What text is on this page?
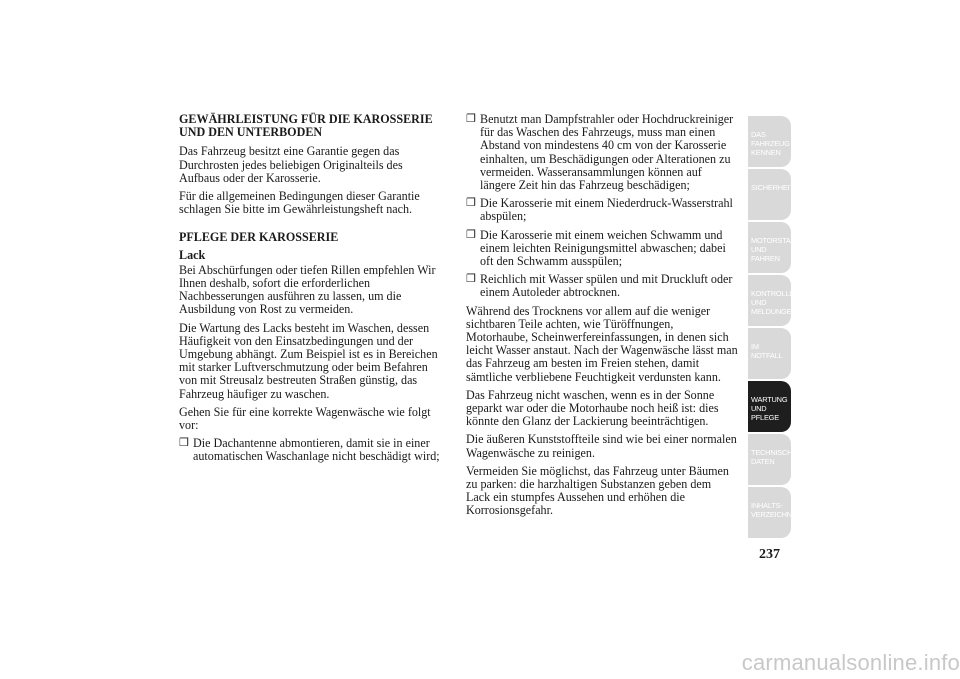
GEWÄHRLEISTUNG FÜR DIE KAROSSERIE UND DEN UNTERBODEN

Das Fahrzeug besitzt eine Garantie gegen das Durchrosten jedes beliebigen Originalteils des Aufbaus oder der Karosserie.

Für die allgemeinen Bedingungen dieser Garantie schlagen Sie bitte im Gewährleistungsheft nach.

PFLEGE DER KAROSSERIE
Lack

Bei Abschürfungen oder tiefen Rillen empfehlen Wir Ihnen deshalb, sofort die erforderlichen Nachbesserungen ausführen zu lassen, um die Ausbildung von Rost zu vermeiden.

Die Wartung des Lacks besteht im Waschen, dessen Häufigkeit von den Einsatzbedingungen und der Umgebung abhängt. Zum Beispiel ist es in Bereichen mit starker Luftverschmutzung oder beim Befahren von mit Streusalz bestreuten Straßen günstig, das Fahrzeug häufiger zu waschen.

Gehen Sie für eine korrekte Wagenwäsche wie folgt vor:

❒ Die Dachantenne abmontieren, damit sie in einer automatischen Waschanlage nicht beschädigt wird;
❒ Benutzt man Dampfstrahler oder Hochdruckreiniger für das Waschen des Fahrzeugs, muss man einen Abstand von mindestens 40 cm von der Karosserie einhalten, um Beschädigungen oder Alterationen zu vermeiden. Wasseransammlungen können auf längere Zeit hin das Fahrzeug beschädigen;
❒ Die Karosserie mit einem Niederdruck-Wasserstrahl abspülen;
❒ Die Karosserie mit einem weichen Schwamm und einem leichten Reinigungsmittel abwaschen; dabei oft den Schwamm ausspülen;
❒ Reichlich mit Wasser spülen und mit Druckluft oder einem Autoleder abtrocknen.

Während des Trocknens vor allem auf die weniger sichtbaren Teile achten, wie Türöffnungen, Motorhaube, Scheinwerfereinfassungen, in denen sich leicht Wasser anstaut. Nach der Wagenwäsche lässt man das Fahrzeug am besten im Freien stehen, damit sämtliche verbliebene Feuchtigkeit verdunsten kann.

Das Fahrzeug nicht waschen, wenn es in der Sonne geparkt war oder die Motorhaube noch heiß ist: dies könnte den Glanz der Lackierung beeinträchtigen.

Die äußeren Kunststoffteile sind wie bei einer normalen Wagenwäsche zu reinigen.

Vermeiden Sie möglichst, das Fahrzeug unter Bäumen zu parken: die harzhaltigen Substanzen geben dem Lack ein stumpfes Aussehen und erhöhen die Korrosionsgefahr.

DAS FAHRZEUG KENNEN
SICHERHEIT
MOTORSTART UND FAHREN
KONTROLLLEUCHTEN UND MELDUNGEN
IM NOTFALL
WARTUNG UND PFLEGE
TECHNISCHE DATEN
INHALTS-VERZEICHNIS
237
carmanualsonline.info
